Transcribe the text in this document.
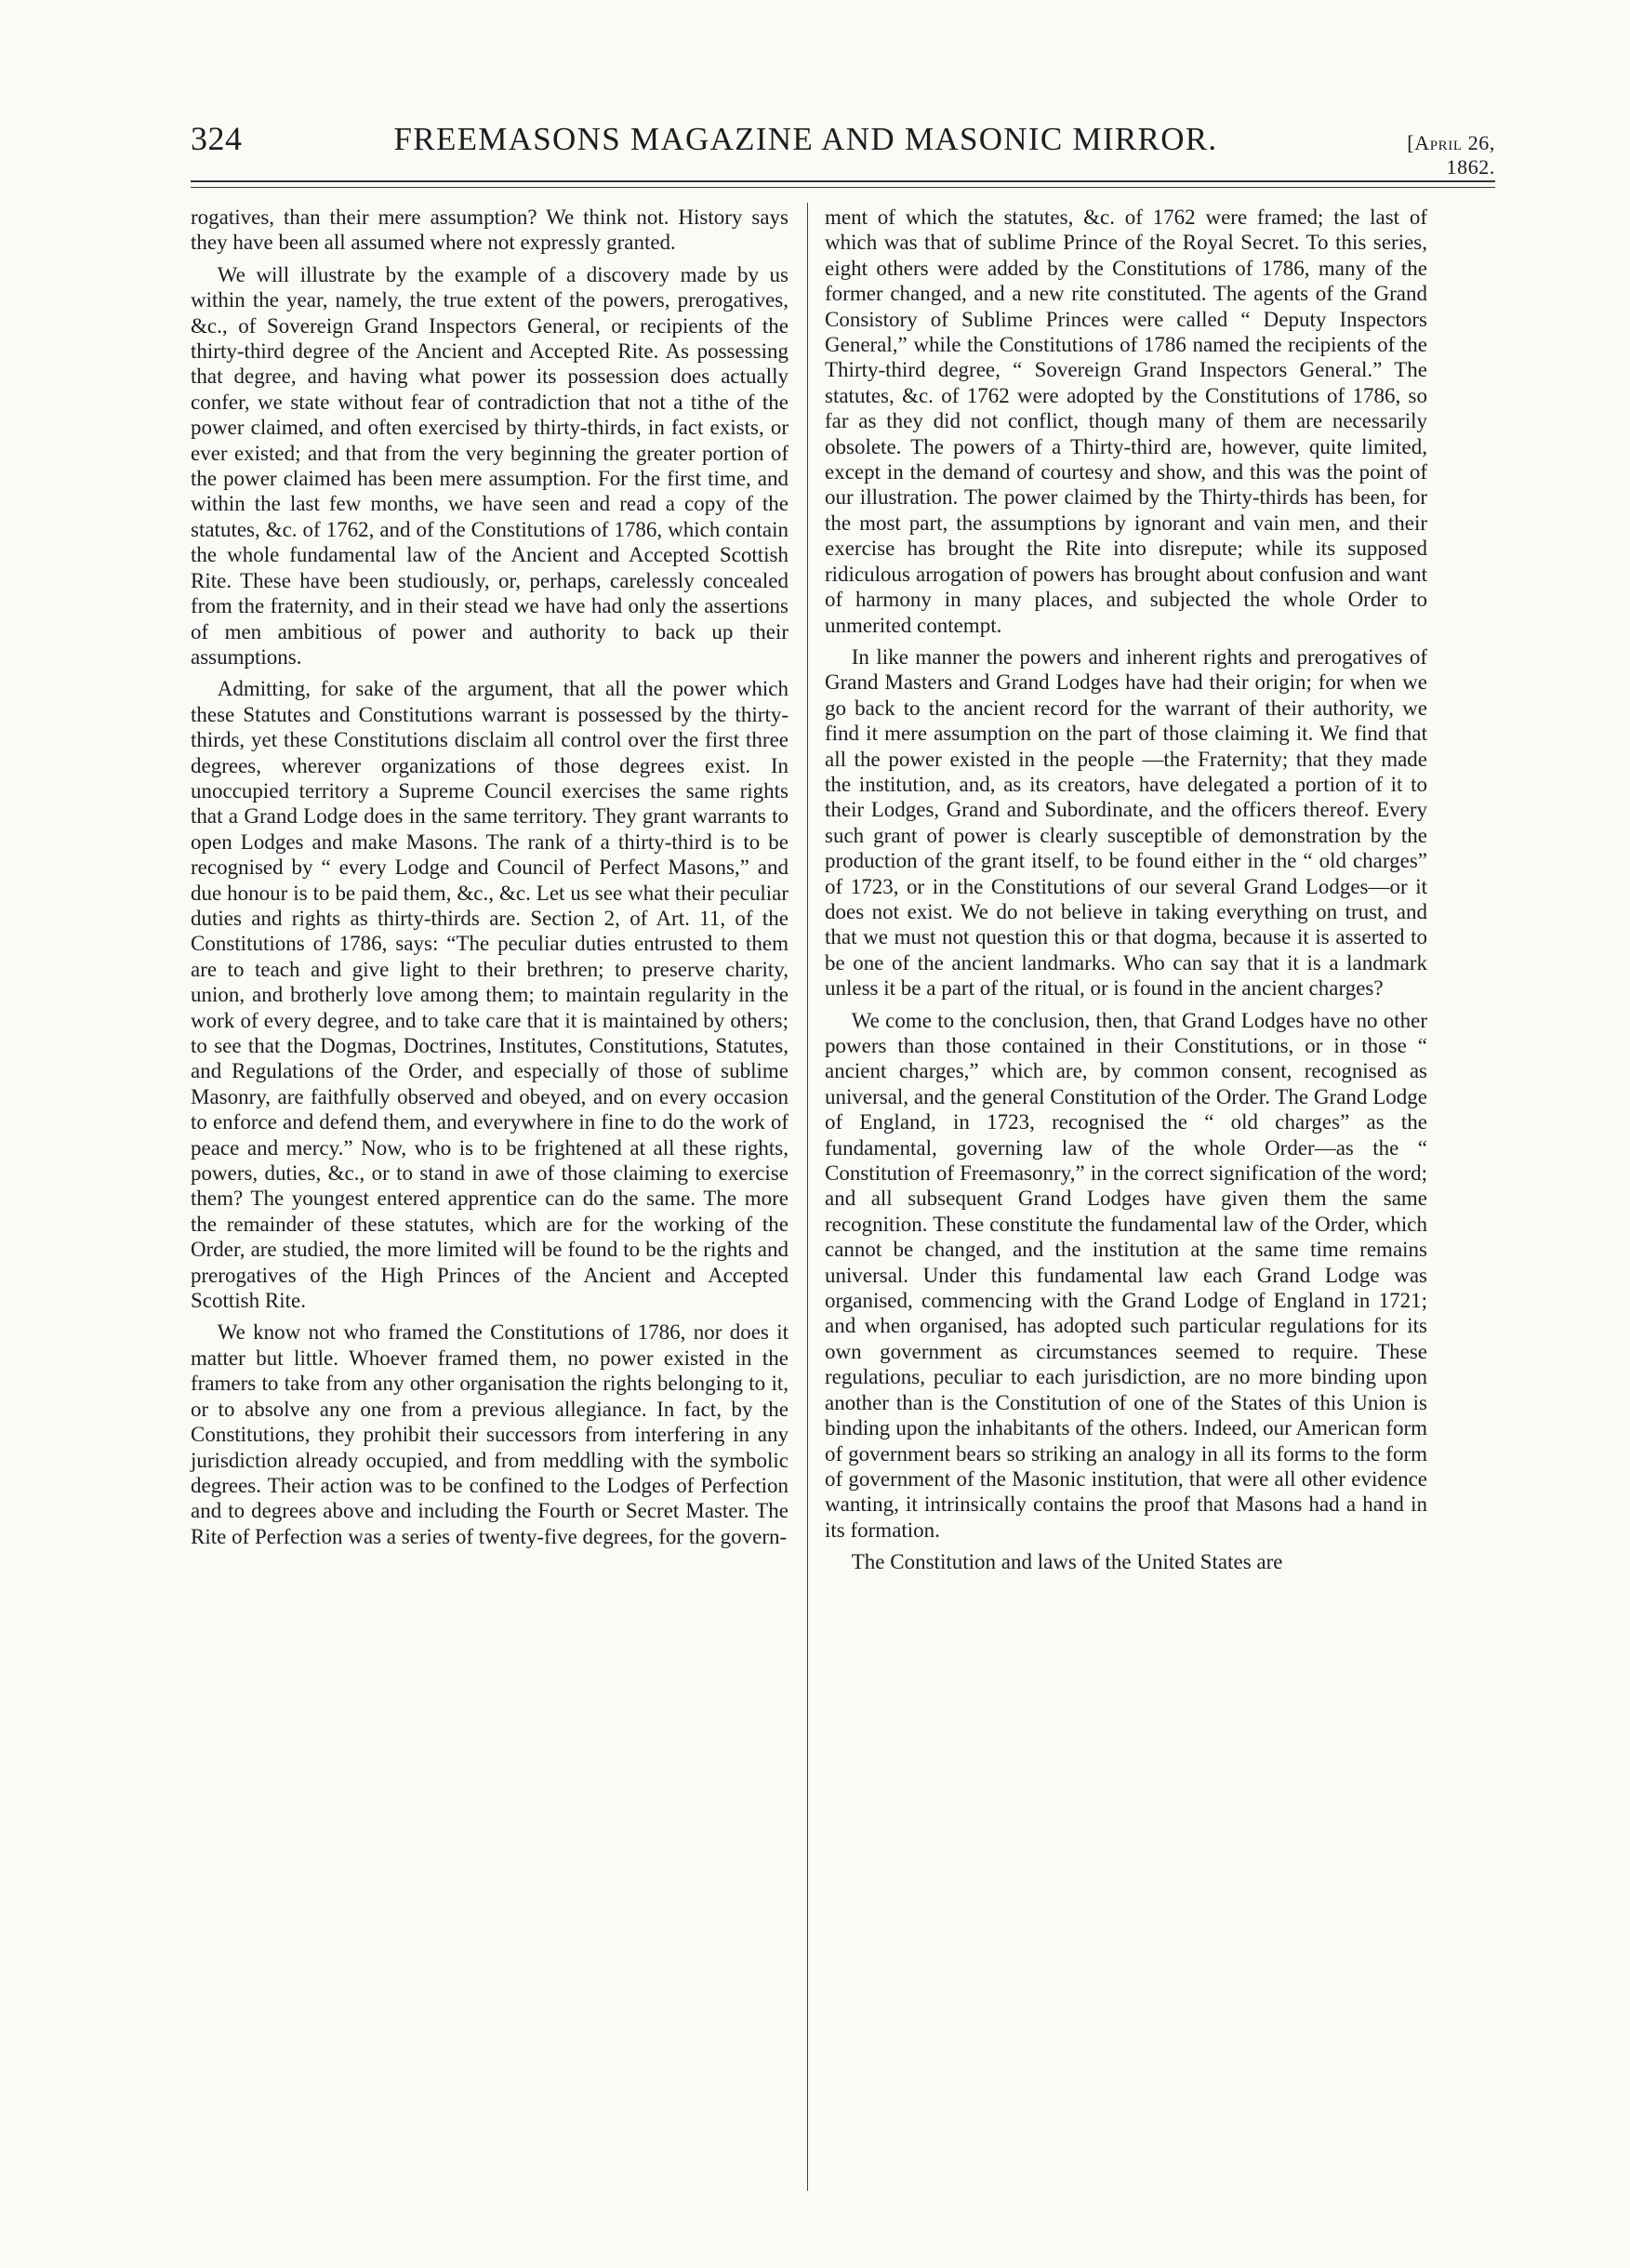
324	FREEMASONS MAGAZINE AND MASONIC MIRROR.	[April 26, 1862.

rogatives, than their mere assumption? We think not. History says they have been all assumed where not expressly granted.

We will illustrate by the example of a discovery made by us within the year, namely, the true extent of the powers, prerogatives, &c., of Sovereign Grand Inspectors General, or recipients of the thirty-third degree of the Ancient and Accepted Rite. As possessing that degree, and having what power its possession does actually confer, we state without fear of contradiction that not a tithe of the power claimed, and often exercised by thirty-thirds, in fact exists, or ever existed; and that from the very beginning the greater portion of the power claimed has been mere assumption. For the first time, and within the last few months, we have seen and read a copy of the statutes, &c. of 1762, and of the Constitutions of 1786, which contain the whole fundamental law of the Ancient and Accepted Scottish Rite. These have been studiously, or, perhaps, carelessly concealed from the fraternity, and in their stead we have had only the assertions of men ambitious of power and authority to back up their assumptions.

Admitting, for sake of the argument, that all the power which these Statutes and Constitutions warrant is possessed by the thirty-thirds, yet these Constitutions disclaim all control over the first three degrees, wherever organizations of those degrees exist. In unoccupied territory a Supreme Council exercises the same rights that a Grand Lodge does in the same territory. They grant warrants to open Lodges and make Masons. The rank of a thirty-third is to be recognised by “ every Lodge and Council of Perfect Masons,” and due honour is to be paid them, &c., &c. Let us see what their peculiar duties and rights as thirty-thirds are. Section 2, of Art. 11, of the Constitutions of 1786, says: “The peculiar duties entrusted to them are to teach and give light to their brethren; to preserve charity, union, and brotherly love among them; to maintain regularity in the work of every degree, and to take care that it is maintained by others; to see that the Dogmas, Doctrines, Institutes, Constitutions, Statutes, and Regulations of the Order, and especially of those of sublime Masonry, are faithfully observed and obeyed, and on every occasion to enforce and defend them, and everywhere in fine to do the work of peace and mercy.” Now, who is to be frightened at all these rights, powers, duties, &c., or to stand in awe of those claiming to exercise them? The youngest entered apprentice can do the same. The more the remainder of these statutes, which are for the working of the Order, are studied, the more limited will be found to be the rights and prerogatives of the High Princes of the Ancient and Accepted Scottish Rite.

We know not who framed the Constitutions of 1786, nor does it matter but little. Whoever framed them, no power existed in the framers to take from any other organisation the rights belonging to it, or to absolve any one from a previous allegiance. In fact, by the Constitutions, they prohibit their successors from interfering in any jurisdiction already occupied, and from meddling with the symbolic degrees. Their action was to be confined to the Lodges of Perfection and to degrees above and including the Fourth or Secret Master. The Rite of Perfection was a series of twenty-five degrees, for the govern-

ment of which the statutes, &c. of 1762 were framed; the last of which was that of sublime Prince of the Royal Secret. To this series, eight others were added by the Constitutions of 1786, many of the former changed, and a new rite constituted. The agents of the Grand Consistory of Sublime Princes were called “ Deputy Inspectors General,” while the Constitutions of 1786 named the recipients of the Thirty-third degree, “ Sovereign Grand Inspectors General.” The statutes, &c. of 1762 were adopted by the Constitutions of 1786, so far as they did not conflict, though many of them are necessarily obsolete. The powers of a Thirty-third are, however, quite limited, except in the demand of courtesy and show, and this was the point of our illustration. The power claimed by the Thirty-thirds has been, for the most part, the assumptions by ignorant and vain men, and their exercise has brought the Rite into disrepute; while its supposed ridiculous arrogation of powers has brought about confusion and want of harmony in many places, and subjected the whole Order to unmerited contempt.

In like manner the powers and inherent rights and prerogatives of Grand Masters and Grand Lodges have had their origin; for when we go back to the ancient record for the warrant of their authority, we find it mere assumption on the part of those claiming it. We find that all the power existed in the people —the Fraternity; that they made the institution, and, as its creators, have delegated a portion of it to their Lodges, Grand and Subordinate, and the officers thereof. Every such grant of power is clearly susceptible of demonstration by the production of the grant itself, to be found either in the “ old charges” of 1723, or in the Constitutions of our several Grand Lodges—or it does not exist. We do not believe in taking everything on trust, and that we must not question this or that dogma, because it is asserted to be one of the ancient landmarks. Who can say that it is a landmark unless it be a part of the ritual, or is found in the ancient charges?

We come to the conclusion, then, that Grand Lodges have no other powers than those contained in their Constitutions, or in those “ ancient charges,” which are, by common consent, recognised as universal, and the general Constitution of the Order. The Grand Lodge of England, in 1723, recognised the “ old charges” as the fundamental, governing law of the whole Order—as the “ Constitution of Freemasonry,” in the correct signification of the word; and all subsequent Grand Lodges have given them the same recognition. These constitute the fundamental law of the Order, which cannot be changed, and the institution at the same time remains universal. Under this fundamental law each Grand Lodge was organised, commencing with the Grand Lodge of England in 1721; and when organised, has adopted such particular regulations for its own government as circumstances seemed to require. These regulations, peculiar to each jurisdiction, are no more binding upon another than is the Constitution of one of the States of this Union is binding upon the inhabitants of the others. Indeed, our American form of government bears so striking an analogy in all its forms to the form of government of the Masonic institution, that were all other evidence wanting, it intrinsically contains the proof that Masons had a hand in its formation.

The Constitution and laws of the United States are
